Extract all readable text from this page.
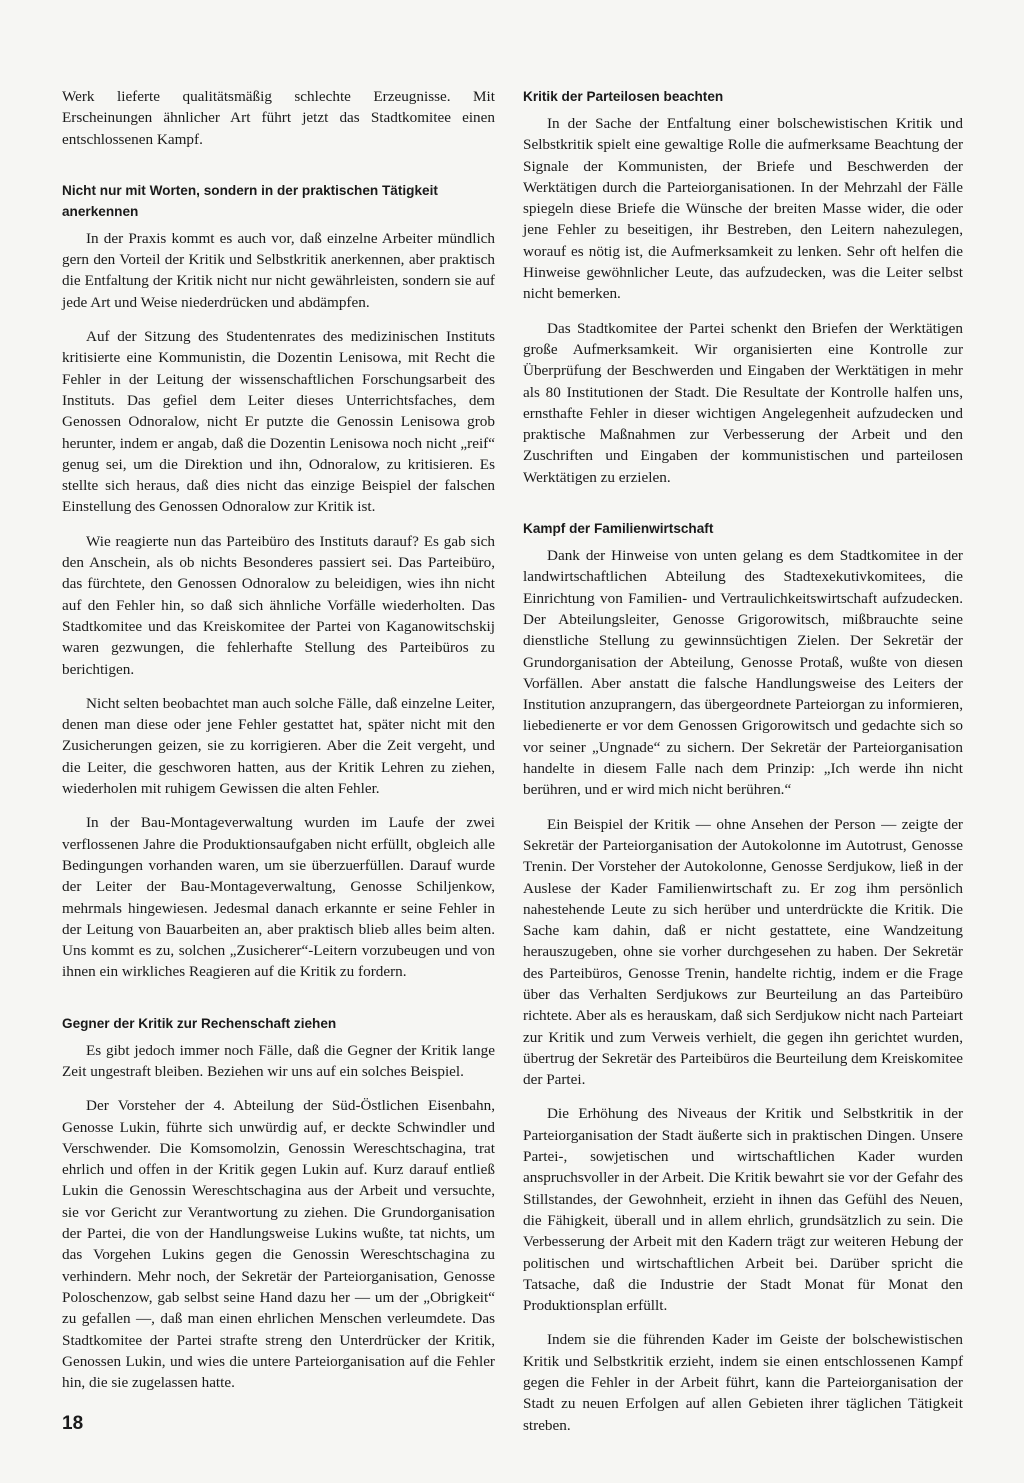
Werk lieferte qualitätsmäßig schlechte Erzeugnisse. Mit Erscheinungen ähnlicher Art führt jetzt das Stadtkomitee einen entschlossenen Kampf.

Nicht nur mit Worten, sondern in der praktischen Tätigkeit anerkennen

In der Praxis kommt es auch vor, daß einzelne Arbeiter mündlich gern den Vorteil der Kritik und Selbstkritik anerkennen, aber praktisch die Entfaltung der Kritik nicht nur nicht gewährleisten, sondern sie auf jede Art und Weise niederdrücken und abdämpfen.

Auf der Sitzung des Studentenrates des medizinischen Instituts kritisierte eine Kommunistin, die Dozentin Lenisowa, mit Recht die Fehler in der Leitung der wissenschaftlichen Forschungsarbeit des Instituts. Das gefiel dem Leiter dieses Unterrichtsfaches, dem Genossen Odnoralow, nicht Er putzte die Genossin Lenisowa grob herunter, indem er angab, daß die Dozentin Lenisowa noch nicht „reif“ genug sei, um die Direktion und ihn, Odnoralow, zu kritisieren. Es stellte sich heraus, daß dies nicht das einzige Beispiel der falschen Einstellung des Genossen Odnoralow zur Kritik ist.

Wie reagierte nun das Parteibüro des Instituts darauf? Es gab sich den Anschein, als ob nichts Besonderes passiert sei. Das Parteibüro, das fürchtete, den Genossen Odnoralow zu beleidigen, wies ihn nicht auf den Fehler hin, so daß sich ähnliche Vorfälle wiederholten. Das Stadtkomitee und das Kreiskomitee der Partei von Kaganowitschskij waren gezwungen, die fehlerhafte Stellung des Parteibüros zu berichtigen.

Nicht selten beobachtet man auch solche Fälle, daß einzelne Leiter, denen man diese oder jene Fehler gestattet hat, später nicht mit den Zusicherungen geizen, sie zu korrigieren. Aber die Zeit vergeht, und die Leiter, die geschworen hatten, aus der Kritik Lehren zu ziehen, wiederholen mit ruhigem Gewissen die alten Fehler.

In der Bau-Montageverwaltung wurden im Laufe der zwei verflossenen Jahre die Produktionsaufgaben nicht erfüllt, obgleich alle Bedingungen vorhanden waren, um sie überzuerfüllen. Darauf wurde der Leiter der Bau-Montageverwaltung, Genosse Schiljenkow, mehrmals hingewiesen. Jedesmal danach erkannte er seine Fehler in der Leitung von Bauarbeiten an, aber praktisch blieb alles beim alten. Uns kommt es zu, solchen „Zusicherer“-Leitern vorzubeugen und von ihnen ein wirkliches Reagieren auf die Kritik zu fordern.

Gegner der Kritik zur Rechenschaft ziehen

Es gibt jedoch immer noch Fälle, daß die Gegner der Kritik lange Zeit ungestraft bleiben. Beziehen wir uns auf ein solches Beispiel.

Der Vorsteher der 4. Abteilung der Süd-Östlichen Eisenbahn, Genosse Lukin, führte sich unwürdig auf, er deckte Schwindler und Verschwender. Die Komsomolzin, Genossin Wereschtschagina, trat ehrlich und offen in der Kritik gegen Lukin auf. Kurz darauf entließ Lukin die Genossin Wereschtschagina aus der Arbeit und versuchte, sie vor Gericht zur Verantwortung zu ziehen. Die Grundorganisation der Partei, die von der Handlungsweise Lukins wußte, tat nichts, um das Vorgehen Lukins gegen die Genossin Wereschtschagina zu verhindern. Mehr noch, der Sekretär der Parteiorganisation, Genosse Poloschenzow, gab selbst seine Hand dazu her — um der „Obrigkeit“ zu gefallen —, daß man einen ehrlichen Menschen verleumdete. Das Stadtkomitee der Partei strafte streng den Unterdrücker der Kritik, Genossen Lukin, und wies die untere Parteiorganisation auf die Fehler hin, die sie zugelassen hatte.

Kritik der Parteilosen beachten

In der Sache der Entfaltung einer bolschewistischen Kritik und Selbstkritik spielt eine gewaltige Rolle die aufmerksame Beachtung der Signale der Kommunisten, der Briefe und Beschwerden der Werktätigen durch die Parteiorganisationen. In der Mehrzahl der Fälle spiegeln diese Briefe die Wünsche der breiten Masse wider, die oder jene Fehler zu beseitigen, ihr Bestreben, den Leitern nahezulegen, worauf es nötig ist, die Aufmerksamkeit zu lenken. Sehr oft helfen die Hinweise gewöhnlicher Leute, das aufzudecken, was die Leiter selbst nicht bemerken.

Das Stadtkomitee der Partei schenkt den Briefen der Werktätigen große Aufmerksamkeit. Wir organisierten eine Kontrolle zur Überprüfung der Beschwerden und Eingaben der Werktätigen in mehr als 80 Institutionen der Stadt. Die Resultate der Kontrolle halfen uns, ernsthafte Fehler in dieser wichtigen Angelegenheit aufzudecken und praktische Maßnahmen zur Verbesserung der Arbeit und den Zuschriften und Eingaben der kommunistischen und parteilosen Werktätigen zu erzielen.

Kampf der Familienwirtschaft

Dank der Hinweise von unten gelang es dem Stadtkomitee in der landwirtschaftlichen Abteilung des Stadtexekutivkomitees, die Einrichtung von Familien- und Vertraulichkeitswirtschaft aufzudecken. Der Abteilungsleiter, Genosse Grigorowitsch, mißbrauchte seine dienstliche Stellung zu gewinnsüchtigen Zielen. Der Sekretär der Grundorganisation der Abteilung, Genosse Protaß, wußte von diesen Vorfällen. Aber anstatt die falsche Handlungsweise des Leiters der Institution anzuprangern, das übergeordnete Parteiorgan zu informieren, liebedienerte er vor dem Genossen Grigorowitsch und gedachte sich so vor seiner „Ungnade“ zu sichern. Der Sekretär der Parteiorganisation handelte in diesem Falle nach dem Prinzip: „Ich werde ihn nicht berühren, und er wird mich nicht berühren.“

Ein Beispiel der Kritik — ohne Ansehen der Person — zeigte der Sekretär der Parteiorganisation der Autokolonne im Autotrust, Genosse Trenin. Der Vorsteher der Autokolonne, Genosse Serdjukow, ließ in der Auslese der Kader Familienwirtschaft zu. Er zog ihm persönlich nahestehende Leute zu sich herüber und unterdrückte die Kritik. Die Sache kam dahin, daß er nicht gestattete, eine Wandzeitung herauszugeben, ohne sie vorher durchgesehen zu haben. Der Sekretär des Parteibüros, Genosse Trenin, handelte richtig, indem er die Frage über das Verhalten Serdjukows zur Beurteilung an das Parteibüro richtete. Aber als es herauskam, daß sich Serdjukow nicht nach Parteiart zur Kritik und zum Verweis verhielt, die gegen ihn gerichtet wurden, übertrug der Sekretär des Parteibüros die Beurteilung dem Kreiskomitee der Partei.

Die Erhöhung des Niveaus der Kritik und Selbstkritik in der Parteiorganisation der Stadt äußerte sich in praktischen Dingen. Unsere Partei-, sowjetischen und wirtschaftlichen Kader wurden anspruchsvoller in der Arbeit. Die Kritik bewahrt sie vor der Gefahr des Stillstandes, der Gewohnheit, erzieht in ihnen das Gefühl des Neuen, die Fähigkeit, überall und in allem ehrlich, grundsätzlich zu sein. Die Verbesserung der Arbeit mit den Kadern trägt zur weiteren Hebung der politischen und wirtschaftlichen Arbeit bei. Darüber spricht die Tatsache, daß die Industrie der Stadt Monat für Monat den Produktionsplan erfüllt.

Indem sie die führenden Kader im Geiste der bolschewistischen Kritik und Selbstkritik erzieht, indem sie einen entschlossenen Kampf gegen die Fehler in der Arbeit führt, kann die Parteiorganisation der Stadt zu neuen Erfolgen auf allen Gebieten ihrer täglichen Tätigkeit streben.

18
